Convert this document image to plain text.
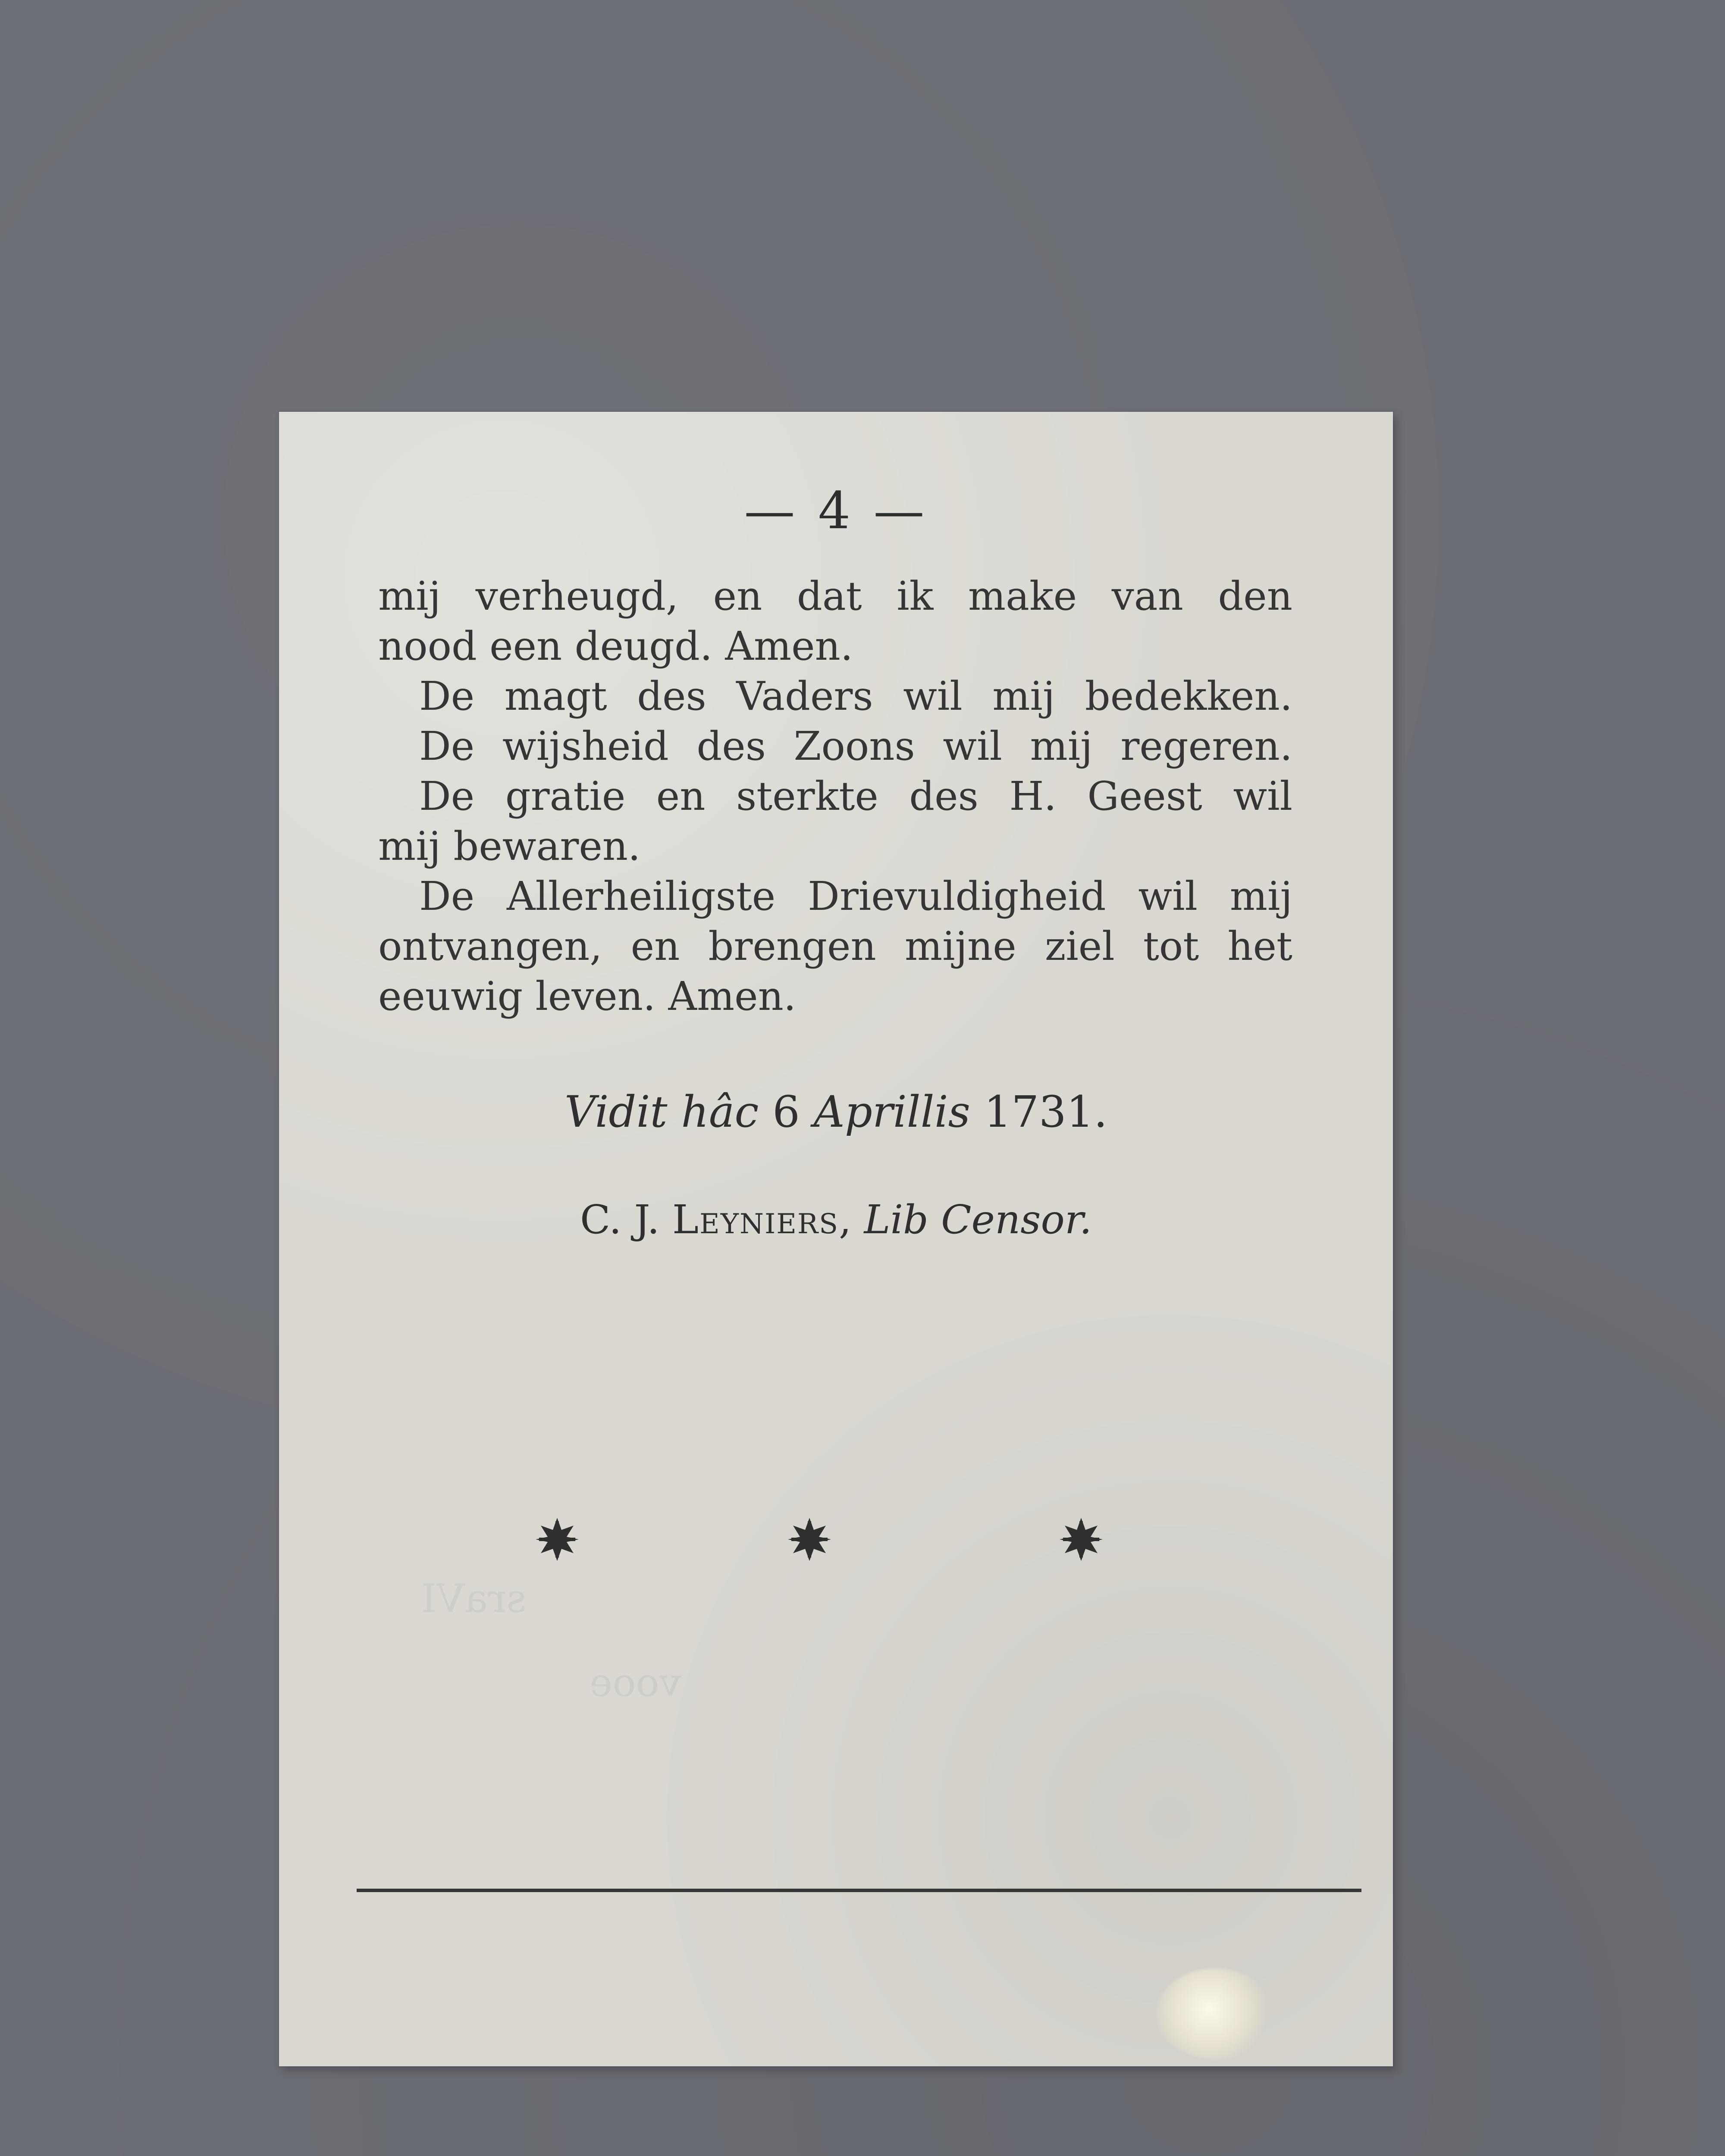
sraVI
vooe
— 4 —
mij verheugd, en dat ik make van den
nood een deugd. Amen.
De magt des Vaders wil mij bedekken.
De wijsheid des Zoons wil mij regeren.
De gratie en sterkte des H. Geest wil
mij bewaren.
De Allerheiligste Drievuldigheid wil mij
ontvangen, en brengen mijne ziel tot het
eeuwig leven. Amen.
Vidit hâc 6 Aprillis 1731.
C. J. Leyniers, Lib Censor.
